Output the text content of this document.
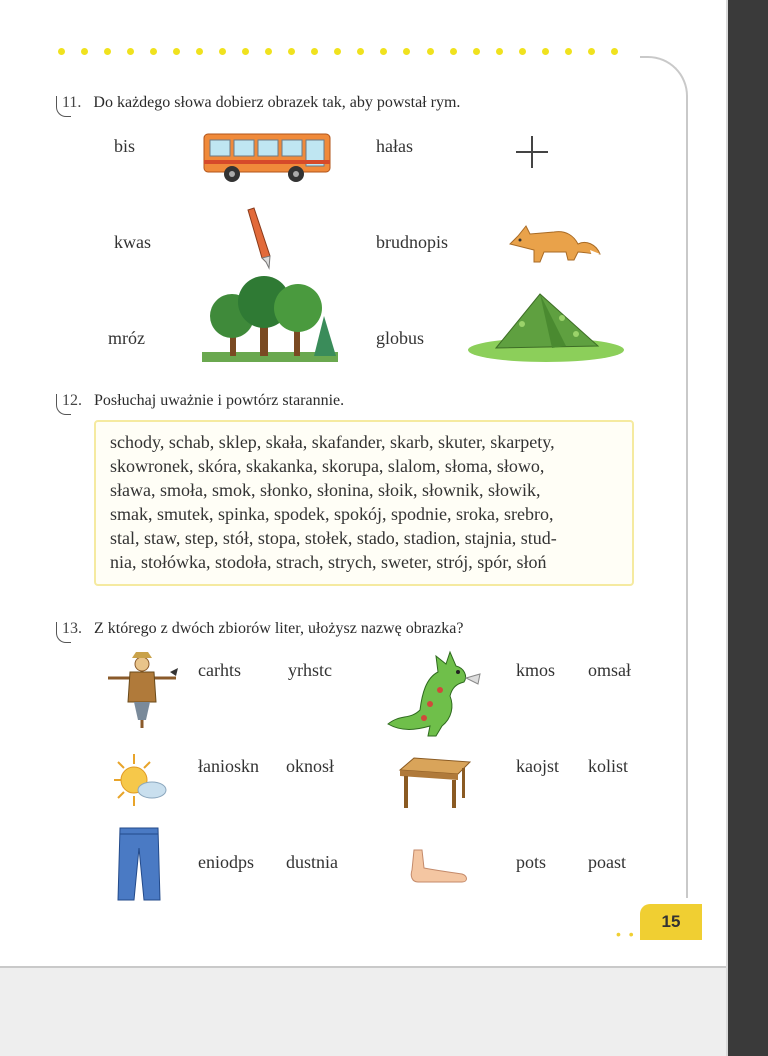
11. Do każdego słowa dobierz obrazek tak, aby powstał rym.
bis
kwas
mróz
hałas
brudnopis
globus
12. Posłuchaj uważnie i powtórz starannie.
schody, schab, sklep, skała, skafander, skarb, skuter, skarpety,
skowronek, skóra, skakanka, skorupa, slalom, słoma, słowo,
sława, smoła, smok, słonko, słonina, słoik, słownik, słowik,
smak, smutek, spinka, spodek, spokój, spodnie, sroka, srebro,
stal, staw, step, stół, stopa, stołek, stado, stadion, stajnia, stud-
nia, stołówka, stodoła, strach, strych, sweter, strój, spór, słoń
13. Z którego z dwóch zbiorów liter, ułożysz nazwę obrazka?
carhts	yrhstc	kmos omsał
łanioskn oknosł	kaojst kolist
eniodps dustnia	pots poast
• •
15
